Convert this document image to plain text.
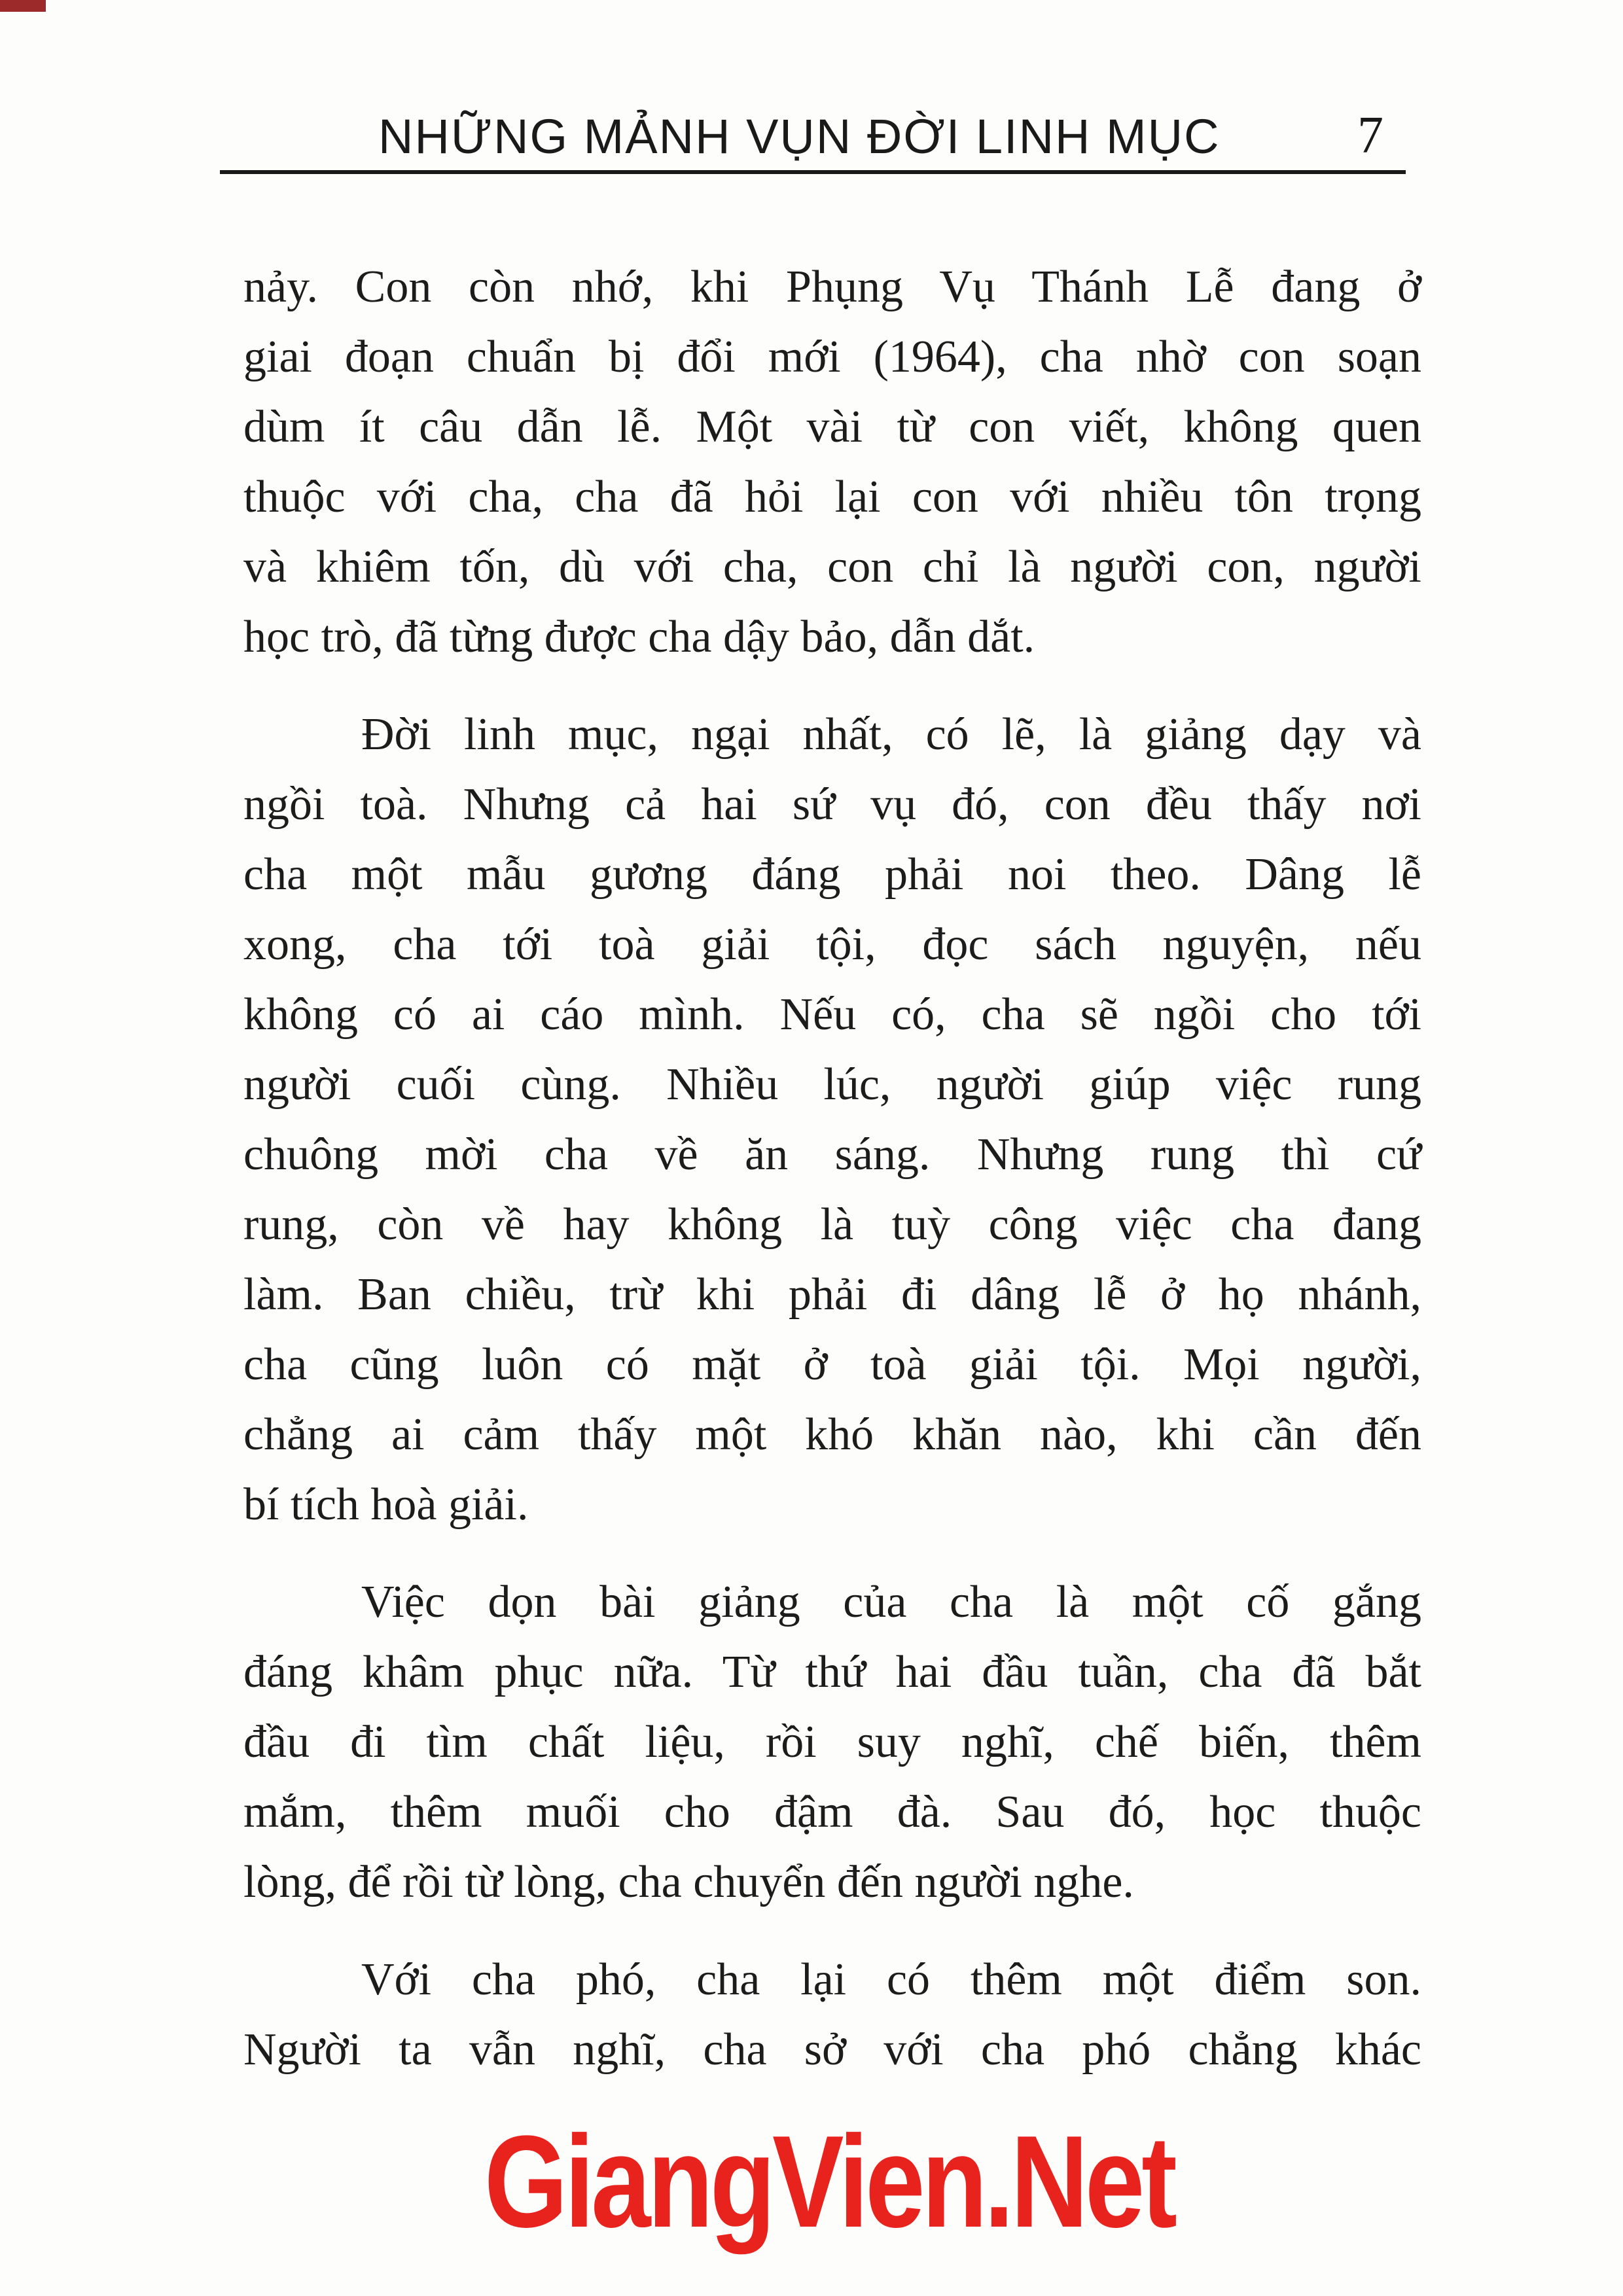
NHỮNG MẢNH VỤN ĐỜI LINH MỤC	7
nảy. Con còn nhớ, khi Phụng Vụ Thánh Lễ đang ở
giai đoạn chuẩn bị đổi mới (1964), cha nhờ con soạn
dùm ít câu dẫn lễ. Một vài từ con viết, không quen
thuộc với cha, cha đã hỏi lại con với nhiều tôn trọng
và khiêm tốn, dù với cha, con chỉ là người con, người
học trò, đã từng được cha dậy bảo, dẫn dắt.
Đời linh mục, ngại nhất, có lẽ, là giảng dạy và
ngồi toà. Nhưng cả hai sứ vụ đó, con đều thấy nơi
cha một mẫu gương đáng phải noi theo. Dâng lễ
xong, cha tới toà giải tội, đọc sách nguyện, nếu
không có ai cáo mình. Nếu có, cha sẽ ngồi cho tới
người cuối cùng. Nhiều lúc, người giúp việc rung
chuông mời cha về ăn sáng. Nhưng rung thì cứ
rung, còn về hay không là tuỳ công việc cha đang
làm. Ban chiều, trừ khi phải đi dâng lễ ở họ nhánh,
cha cũng luôn có mặt ở toà giải tội. Mọi người,
chẳng ai cảm thấy một khó khăn nào, khi cần đến
bí tích hoà giải.
Việc dọn bài giảng của cha là một cố gắng
đáng khâm phục nữa. Từ thứ hai đầu tuần, cha đã bắt
đầu đi tìm chất liệu, rồi suy nghĩ, chế biến, thêm
mắm, thêm muối cho đậm đà. Sau đó, học thuộc
lòng, để rồi từ lòng, cha chuyển đến người nghe.
Với cha phó, cha lại có thêm một điểm son.
Người ta vẫn nghĩ, cha sở với cha phó chẳng khác
GiangVien.Net
